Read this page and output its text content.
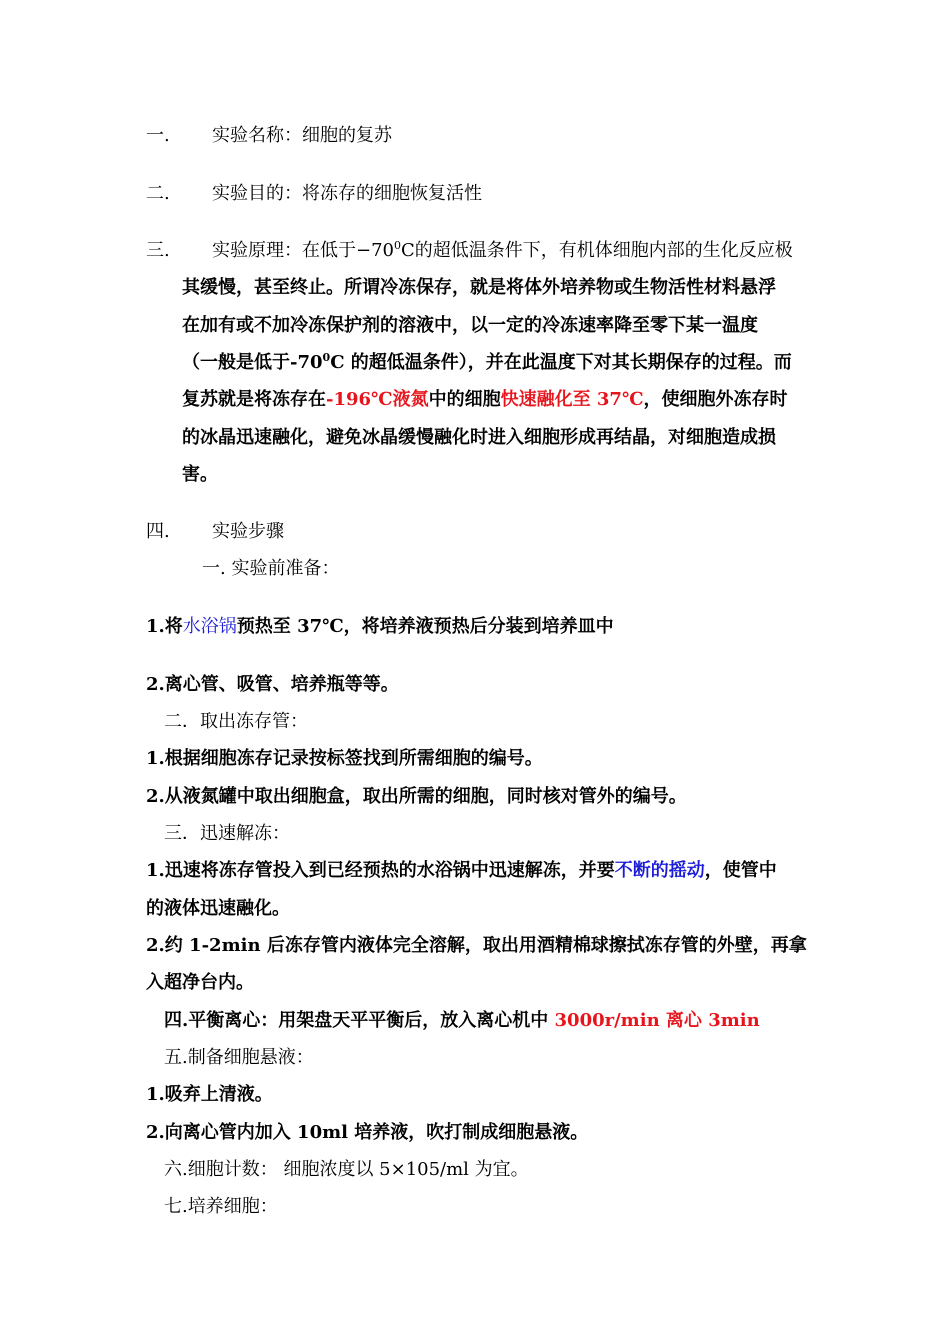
一. 实验名称：细胞的复苏
二. 实验目的：将冻存的细胞恢复活性
三. 实验原理：在低于$-70^0C$的超低温条件下，有机体细胞内部的生化反应极
其缓慢，甚至终止。所谓冷冻保存，就是将体外培养物或生物活性材料悬浮
在加有或不加冷冻保护剂的溶液中，以一定的冷冻速率降至零下某一温度
（一般是低于$-70^0C$ 的超低温条件），并在此温度下对其长期保存的过程。而
复苏就是将冻存在-196℃液氮中的细胞快速融化至 37℃，使细胞外冻存时
的冰晶迅速融化，避免冰晶缓慢融化时进入细胞形成再结晶，对细胞造成损
害。
四. 实验步骤
一. 实验前准备：
1.将水浴锅预热至 37℃，将培养液预热后分装到培养皿中
2.离心管、吸管、培养瓶等等。
二．取出冻存管：
1.根据细胞冻存记录按标签找到所需细胞的编号。
2.从液氮罐中取出细胞盒，取出所需的细胞，同时核对管外的编号。
三．迅速解冻：
1.迅速将冻存管投入到已经预热的水浴锅中迅速解冻，并要不断的摇动，使管中
的液体迅速融化。
2.约 1-2min 后冻存管内液体完全溶解，取出用酒精棉球擦拭冻存管的外壁，再拿
入超净台内。
四.平衡离心：用架盘天平平衡后，放入离心机中 3000r/min 离心 3min
五.制备细胞悬液：
1.吸弃上清液。
2.向离心管内加入 10ml 培养液，吹打制成细胞悬液。
六.细胞计数： 细胞浓度以 5×105/ml 为宜。
七.培养细胞：
